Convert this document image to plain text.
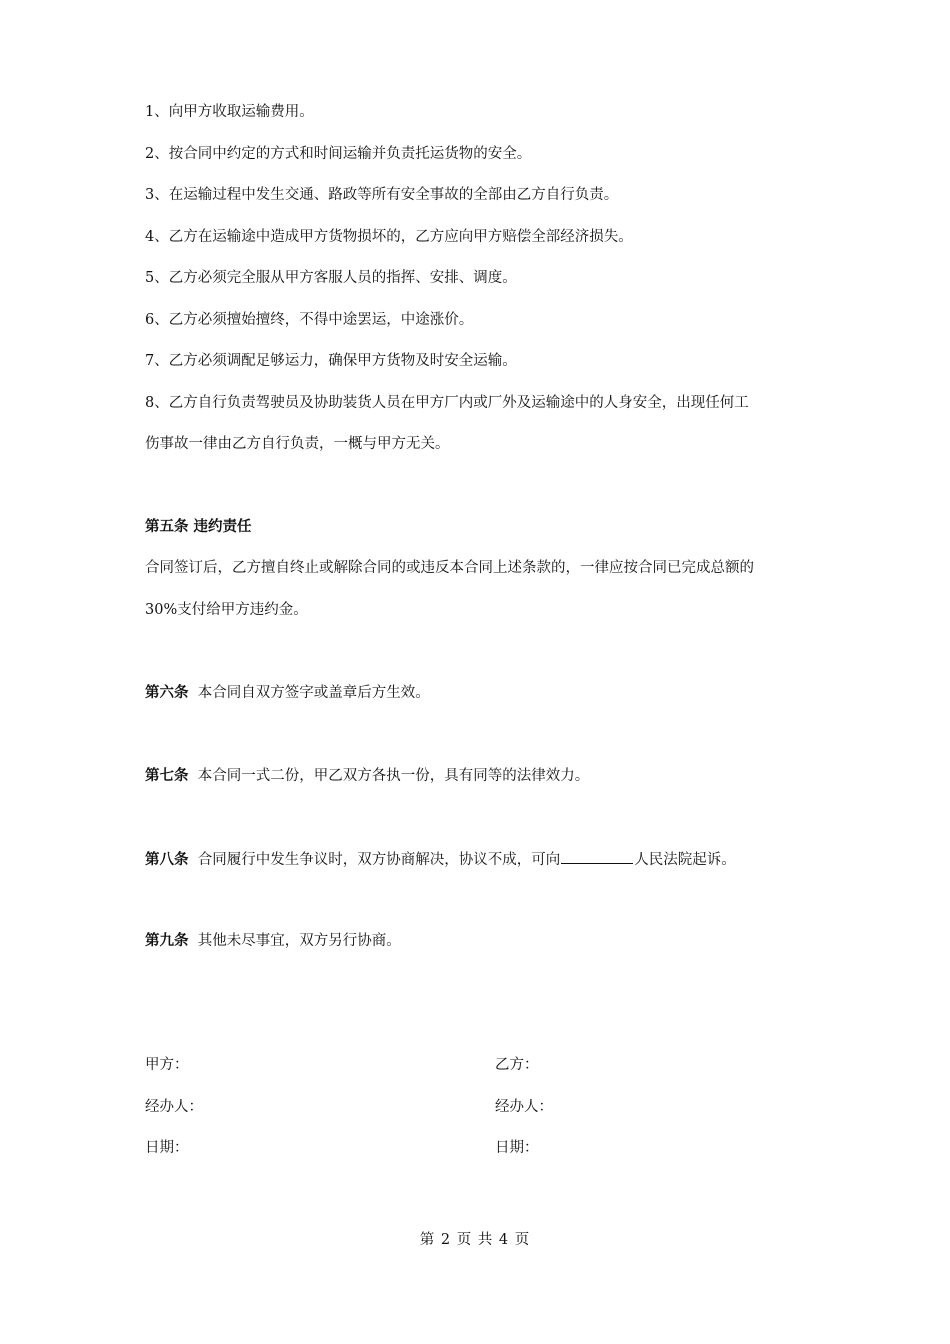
1、向甲方收取运输费用。
2、按合同中约定的方式和时间运输并负责托运货物的安全。
3、在运输过程中发生交通、路政等所有安全事故的全部由乙方自行负责。
4、乙方在运输途中造成甲方货物损坏的，乙方应向甲方赔偿全部经济损失。
5、乙方必须完全服从甲方客服人员的指挥、安排、调度。
6、乙方必须擅始擅终，不得中途罢运，中途涨价。
7、乙方必须调配足够运力，确保甲方货物及时安全运输。
8、乙方自行负责驾驶员及协助装货人员在甲方厂内或厂外及运输途中的人身安全，出现任何工
伤事故一律由乙方自行负责，一概与甲方无关。
第五条 违约责任
合同签订后，乙方擅自终止或解除合同的或违反本合同上述条款的，一律应按合同已完成总额的
30%支付给甲方违约金。
第六条 本合同自双方签字或盖章后方生效。
第七条 本合同一式二份，甲乙双方各执一份，具有同等的法律效力。
第八条 合同履行中发生争议时，双方协商解决，协议不成，可向	人民法院起诉。
第九条 其他未尽事宜，双方另行协商。
甲方：	乙方：
经办人：	经办人：
日期：	日期：
第 2 页 共 4 页
